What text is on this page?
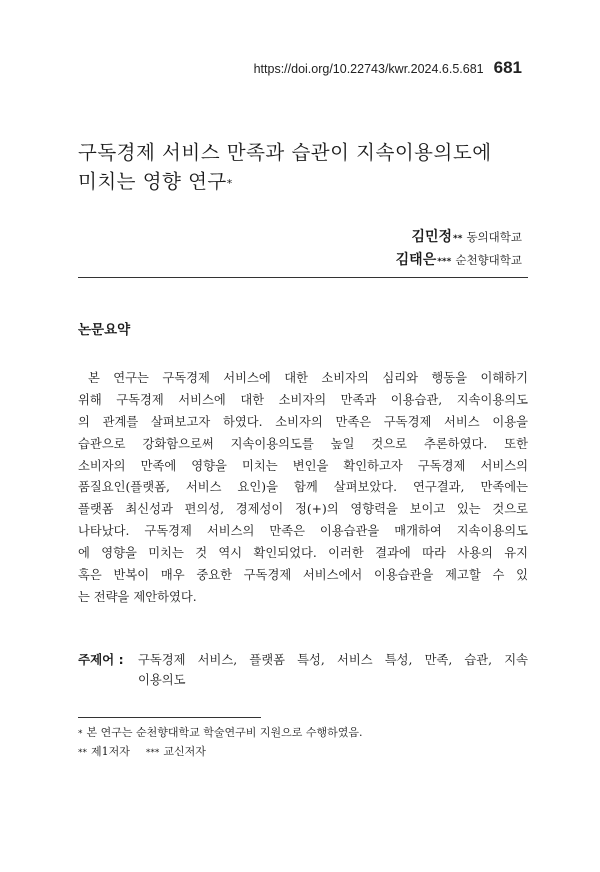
https://doi.org/10.22743/kwr.2024.6.5.681 681
구독경제 서비스 만족과 습관이 지속이용의도에
미치는 영향 연구*
김민정 ** 동의대학교
김태은 *** 순천향대학교
논문요약
본 연구는 구독경제 서비스에 대한 소비자의 심리와 행동을 이해하기
위해 구독경제 서비스에 대한 소비자의 만족과 이용습관, 지속이용의도
의 관계를 살펴보고자 하였다. 소비자의 만족은 구독경제 서비스 이용을
습관으로 강화함으로써 지속이용의도를 높일 것으로 추론하였다. 또한
소비자의 만족에 영향을 미치는 변인을 확인하고자 구독경제 서비스의
품질요인(플랫폼, 서비스 요인)을 함께 살펴보았다. 연구결과, 만족에는
플랫폼 최신성과 편의성, 경제성이 정(+)의 영향력을 보이고 있는 것으로
나타났다. 구독경제 서비스의 만족은 이용습관을 매개하여 지속이용의도
에 영향을 미치는 것 역시 확인되었다. 이러한 결과에 따라 사용의 유지
혹은 반복이 매우 중요한 구독경제 서비스에서 이용습관을 제고할 수 있
는 전략을 제안하였다.
주제어 :	구독경제 서비스, 플랫폼 특성, 서비스 특성, 만족, 습관, 지속
이용의도
* 본 연구는 순천향대학교 학술연구비 지원으로 수행하였음.
** 제1저자 *** 교신저자
